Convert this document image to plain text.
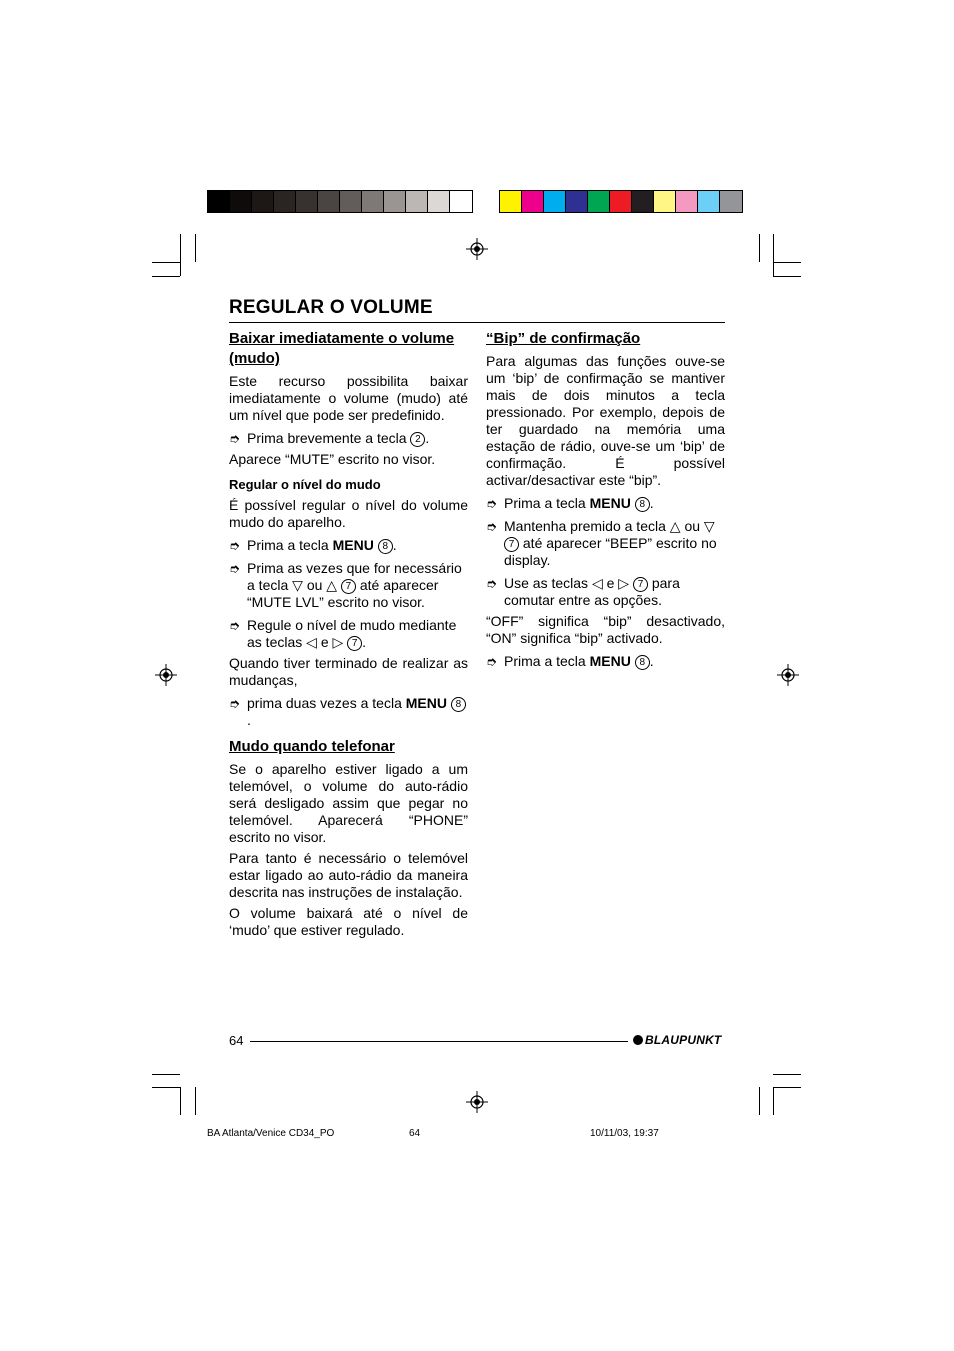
REGULAR O VOLUME
Baixar imediatamente o volume (mudo)
Este recurso possibilita baixar imediatamente o volume (mudo) até um nível que pode ser predefinido.
➮ Prima brevemente a tecla 2 .
Aparece “MUTE” escrito no visor.
Regular o nível do mudo
É possível regular o nível do volume mudo do aparelho.
➮ Prima a tecla MENU 8 .
➮ Prima as vezes que for necessário a tecla ▽ ou △ 7 até aparecer “MUTE LVL” escrito no visor.
➮ Regule o nível de mudo mediante as teclas ◁ e ▷ 7 .
Quando tiver terminado de realizar as mudanças,
➮ prima duas vezes a tecla MENU 8.
Mudo quando telefonar
Se o aparelho estiver ligado a um telemóvel, o volume do auto-rádio será desligado assim que pegar no telemóvel. Aparecerá “PHONE” escrito no visor.
Para tanto é necessário o telemóvel estar ligado ao auto-rádio da maneira descrita nas instruções de instalação.
O volume baixará até o nível de ‘mudo’ que estiver regulado.
“Bip” de confirmação
Para algumas das funções ouve-se um ‘bip’ de confirmação se mantiver mais de dois minutos a tecla pressionado. Por exemplo, depois de ter guardado na memória uma estação de rádio, ouve-se um ‘bip’ de confirmação. É possível activar/desactivar este “bip”.
➮ Prima a tecla MENU 8 .
➮ Mantenha premido a tecla △ ou ▽ 7 até aparecer “BEEP” escrito no display.
➮ Use as teclas ◁ e ▷ 7 para comutar entre as opções.
“OFF” significa “bip” desactivado, “ON” significa “bip” activado.
➮ Prima a tecla MENU 8 .
64	BLAUPUNKT
BA Atlanta/Venice CD34_PO	64	10/11/03, 19:37
